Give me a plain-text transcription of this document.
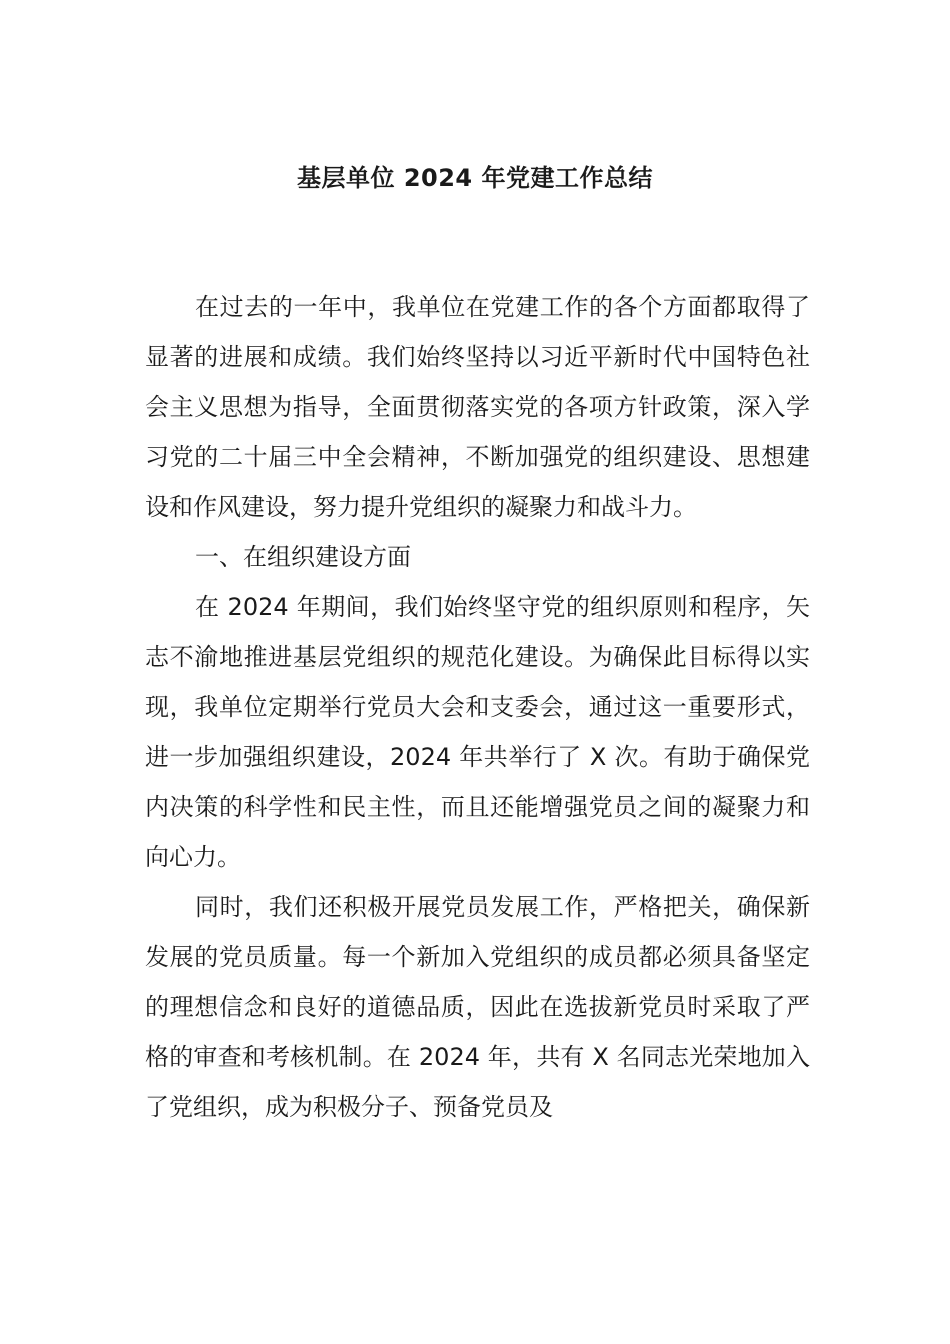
基层单位 2024 年党建工作总结

在过去的一年中，我单位在党建工作的各个方面都取得了显著的进展和成绩。我们始终坚持以习近平新时代中国特色社会主义思想为指导，全面贯彻落实党的各项方针政策，深入学习党的二十届三中全会精神，不断加强党的组织建设、思想建设和作风建设，努力提升党组织的凝聚力和战斗力。

一、在组织建设方面

在 2024 年期间，我们始终坚守党的组织原则和程序，矢志不渝地推进基层党组织的规范化建设。为确保此目标得以实现，我单位定期举行党员大会和支委会，通过这一重要形式，进一步加强组织建设，2024 年共举行了 X 次。有助于确保党内决策的科学性和民主性，而且还能增强党员之间的凝聚力和向心力。

同时，我们还积极开展党员发展工作，严格把关，确保新发展的党员质量。每一个新加入党组织的成员都必须具备坚定的理想信念和良好的道德品质，因此在选拔新党员时采取了严格的审查和考核机制。在 2024 年，共有 X 名同志光荣地加入了党组织，成为积极分子、预备党员及
